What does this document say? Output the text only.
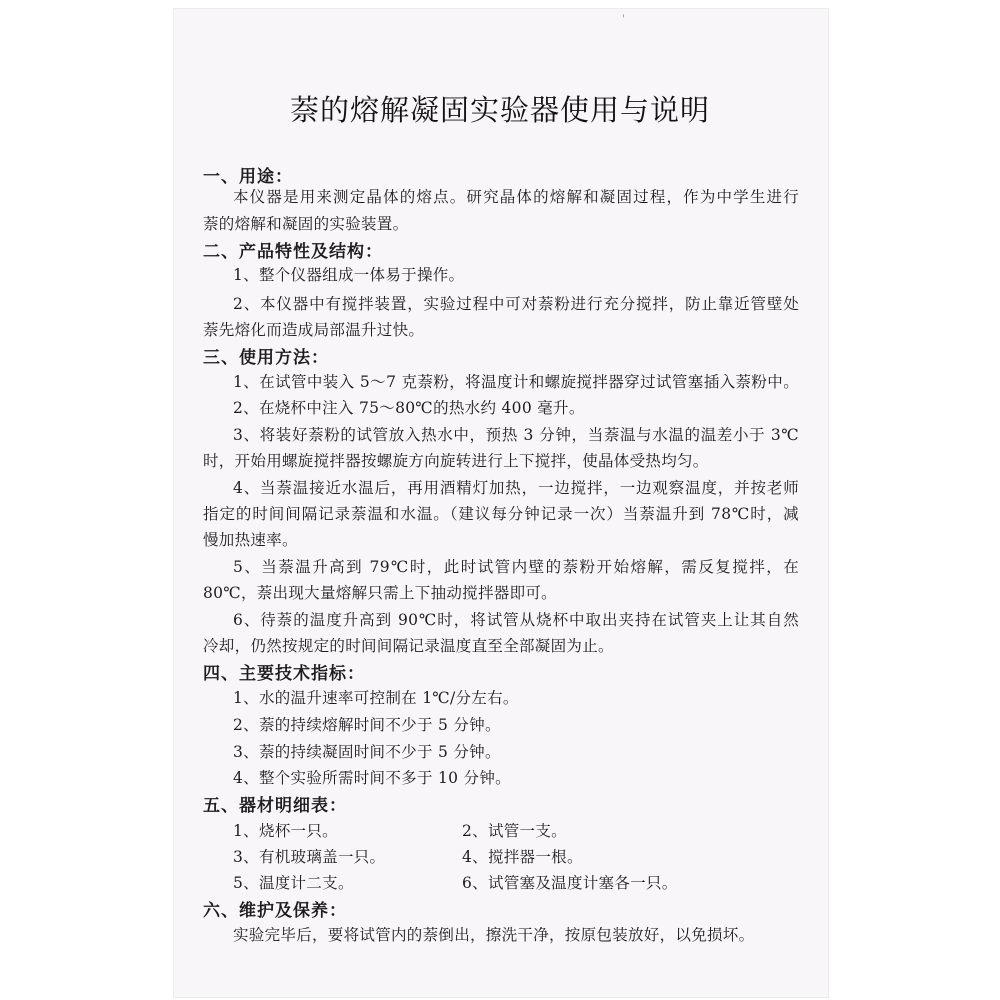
'
萘的熔解凝固实验器使用与说明
一、用途：
本仪器是用来测定晶体的熔点。研究晶体的熔解和凝固过程，作为中学生进行
萘的熔解和凝固的实验装置。
二、产品特性及结构：
1、整个仪器组成一体易于操作。
2、本仪器中有搅拌装置，实验过程中可对萘粉进行充分搅拌，防止靠近管壁处
萘先熔化而造成局部温升过快。
三、使用方法：
1、在试管中装入 5～7 克萘粉，将温度计和螺旋搅拌器穿过试管塞插入萘粉中。
2、在烧杯中注入 75～80℃的热水约 400 毫升。
3、将装好萘粉的试管放入热水中，预热 3 分钟，当萘温与水温的温差小于 3℃
时，开始用螺旋搅拌器按螺旋方向旋转进行上下搅拌，使晶体受热均匀。
4、当萘温接近水温后，再用酒精灯加热，一边搅拌，一边观察温度，并按老师
指定的时间间隔记录萘温和水温。（建议每分钟记录一次）当萘温升到 78℃时，减
慢加热速率。
5、当萘温升高到 79℃时，此时试管内壁的萘粉开始熔解，需反复搅拌，在
80℃，萘出现大量熔解只需上下抽动搅拌器即可。
6、待萘的温度升高到 90℃时，将试管从烧杯中取出夹持在试管夹上让其自然
冷却，仍然按规定的时间间隔记录温度直至全部凝固为止。
四、主要技术指标：
1、水的温升速率可控制在 1℃/分左右。
2、萘的持续熔解时间不少于 5 分钟。
3、萘的持续凝固时间不少于 5 分钟。
4、整个实验所需时间不多于 10 分钟。
五、器材明细表：
1、烧杯一只。	2、试管一支。
3、有机玻璃盖一只。	4、搅拌器一根。
5、温度计二支。	6、试管塞及温度计塞各一只。
六、维护及保养：
实验完毕后，要将试管内的萘倒出，擦洗干净，按原包装放好，以免损坏。
